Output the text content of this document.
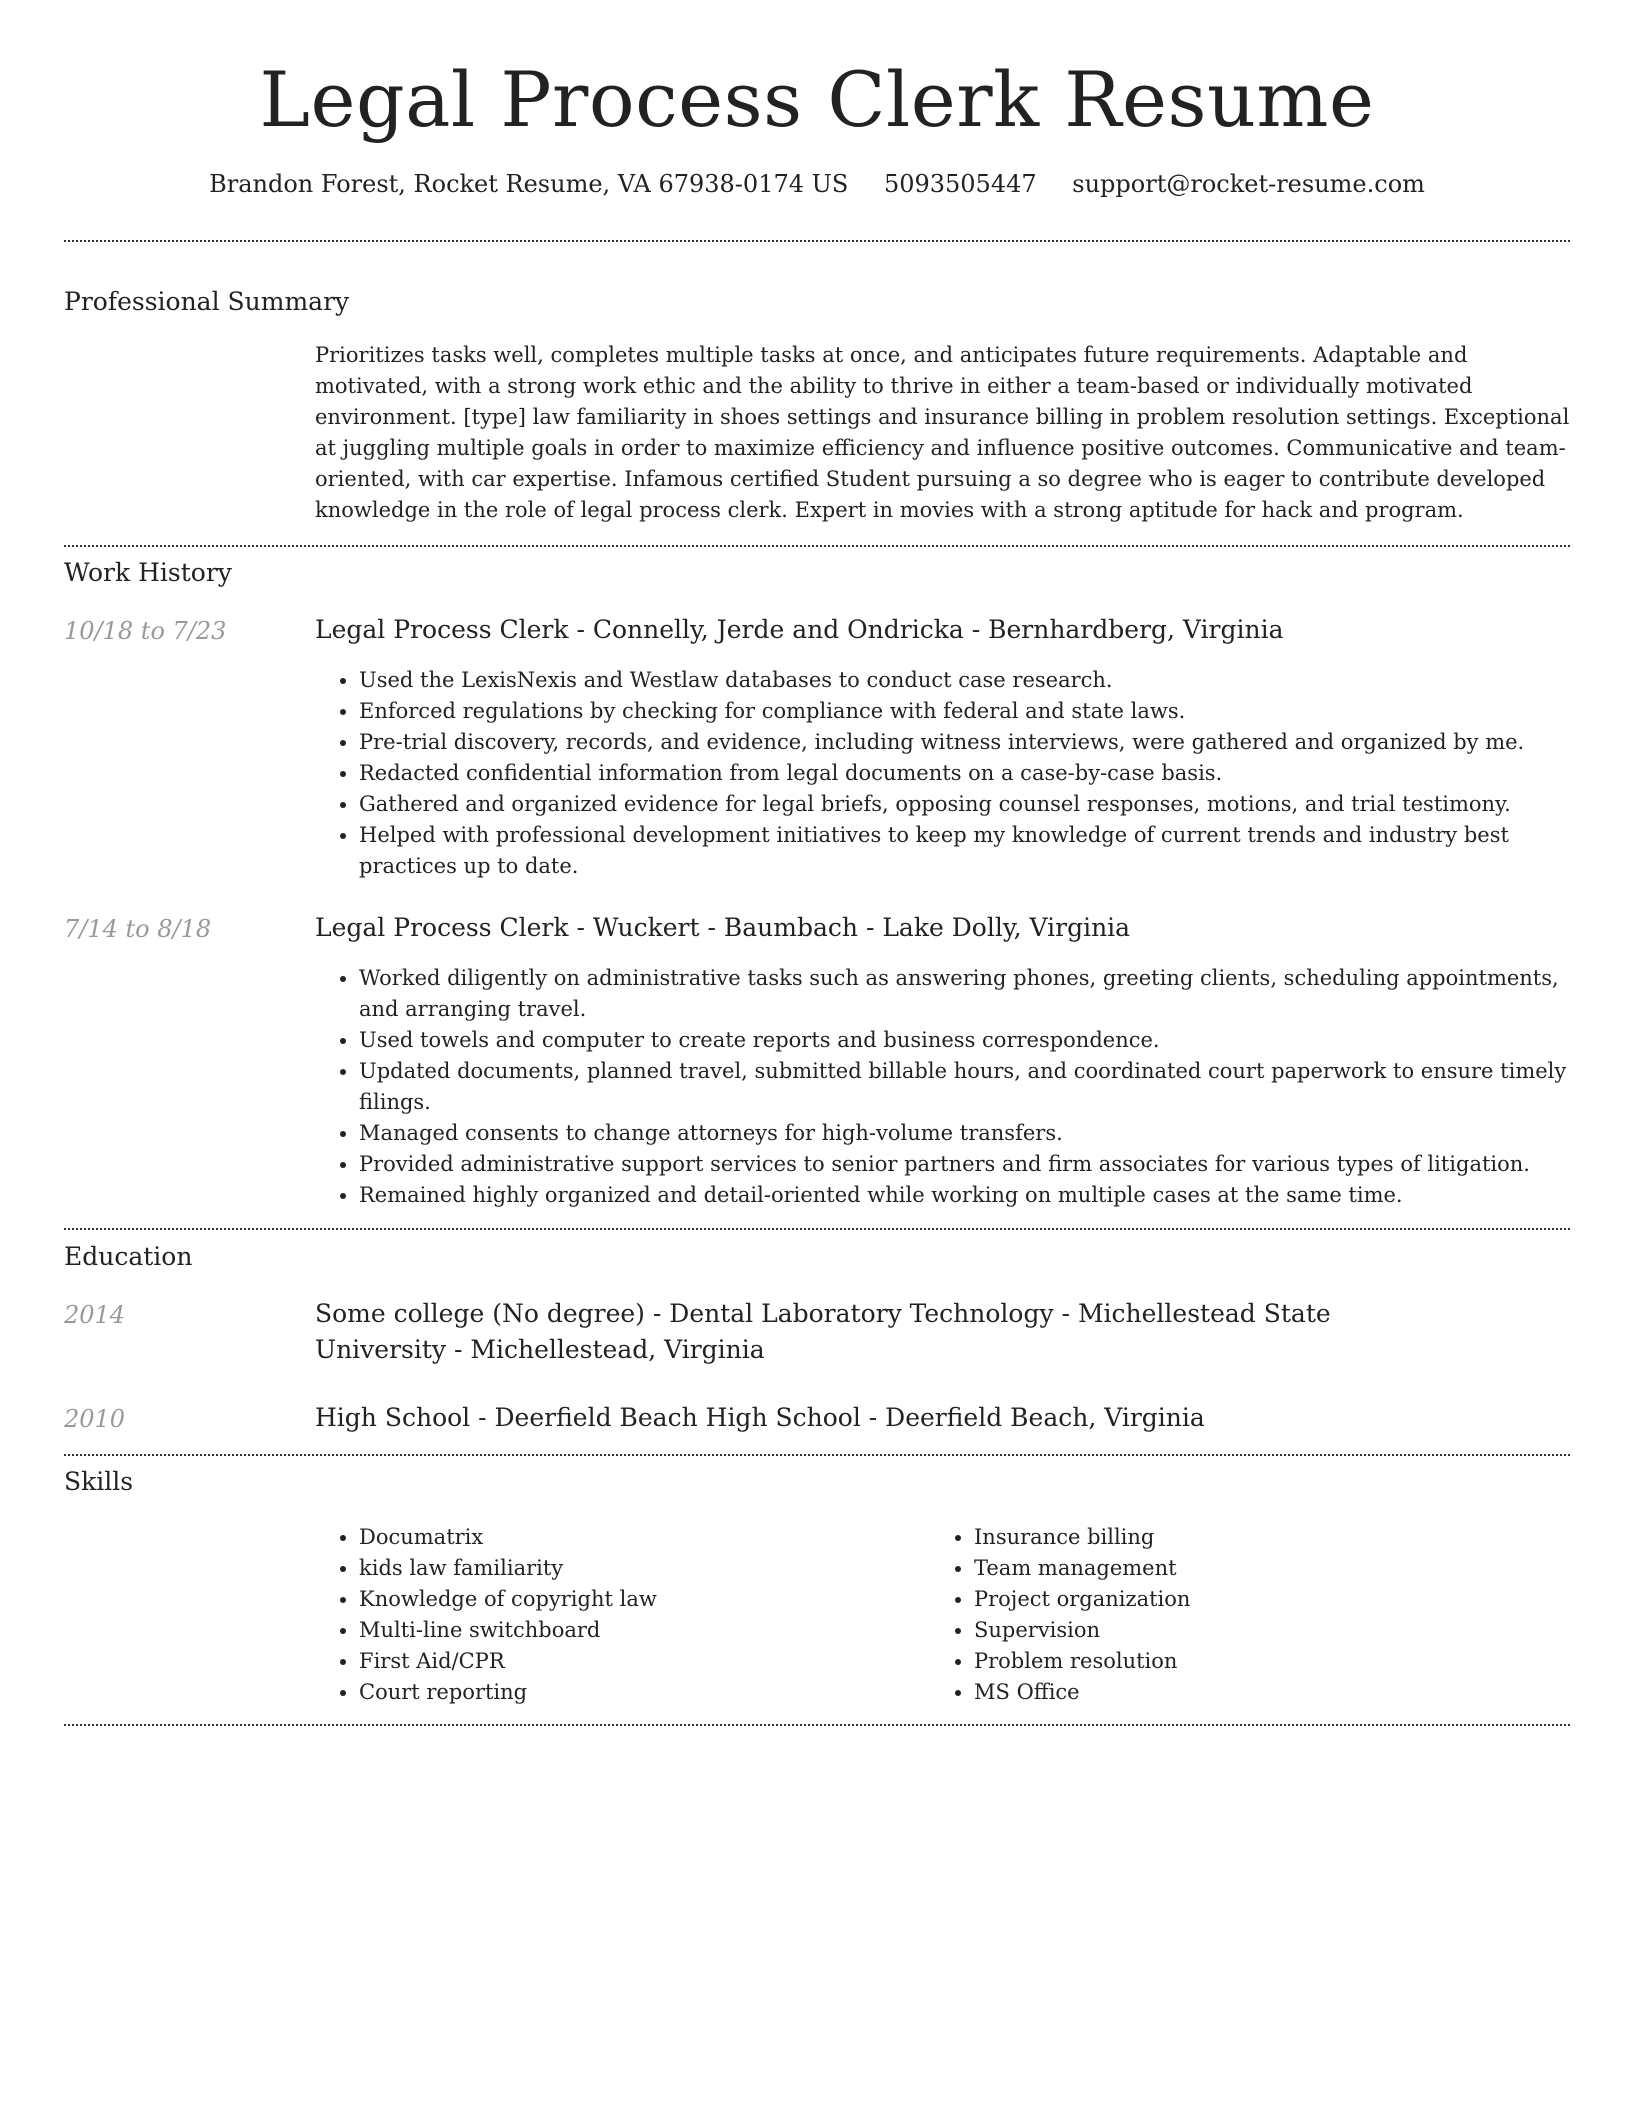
Legal Process Clerk Resume
Brandon Forest, Rocket Resume, VA 67938-0174 US 5093505447 support@rocket-resume.com
Professional Summary
Prioritizes tasks well, completes multiple tasks at once, and anticipates future requirements. Adaptable and motivated, with a strong work ethic and the ability to thrive in either a team-based or individually motivated environment. [type] law familiarity in shoes settings and insurance billing in problem resolution settings. Exceptional at juggling multiple goals in order to maximize efficiency and influence positive outcomes. Communicative and team-oriented, with car expertise. Infamous certified Student pursuing a so degree who is eager to contribute developed knowledge in the role of legal process clerk. Expert in movies with a strong aptitude for hack and program.
Work History
10/18 to 7/23	Legal Process Clerk - Connelly, Jerde and Ondricka - Bernhardberg, Virginia
• Used the LexisNexis and Westlaw databases to conduct case research.
• Enforced regulations by checking for compliance with federal and state laws.
• Pre-trial discovery, records, and evidence, including witness interviews, were gathered and organized by me.
• Redacted confidential information from legal documents on a case-by-case basis.
• Gathered and organized evidence for legal briefs, opposing counsel responses, motions, and trial testimony.
• Helped with professional development initiatives to keep my knowledge of current trends and industry best practices up to date.
7/14 to 8/18	Legal Process Clerk - Wuckert - Baumbach - Lake Dolly, Virginia
• Worked diligently on administrative tasks such as answering phones, greeting clients, scheduling appointments, and arranging travel.
• Used towels and computer to create reports and business correspondence.
• Updated documents, planned travel, submitted billable hours, and coordinated court paperwork to ensure timely filings.
• Managed consents to change attorneys for high-volume transfers.
• Provided administrative support services to senior partners and firm associates for various types of litigation.
• Remained highly organized and detail-oriented while working on multiple cases at the same time.
Education
2014	Some college (No degree) - Dental Laboratory Technology - Michellestead State University - Michellestead, Virginia
2010	High School - Deerfield Beach High School - Deerfield Beach, Virginia
Skills
• Documatrix
• kids law familiarity
• Knowledge of copyright law
• Multi-line switchboard
• First Aid/CPR
• Court reporting
• Insurance billing
• Team management
• Project organization
• Supervision
• Problem resolution
• MS Office
